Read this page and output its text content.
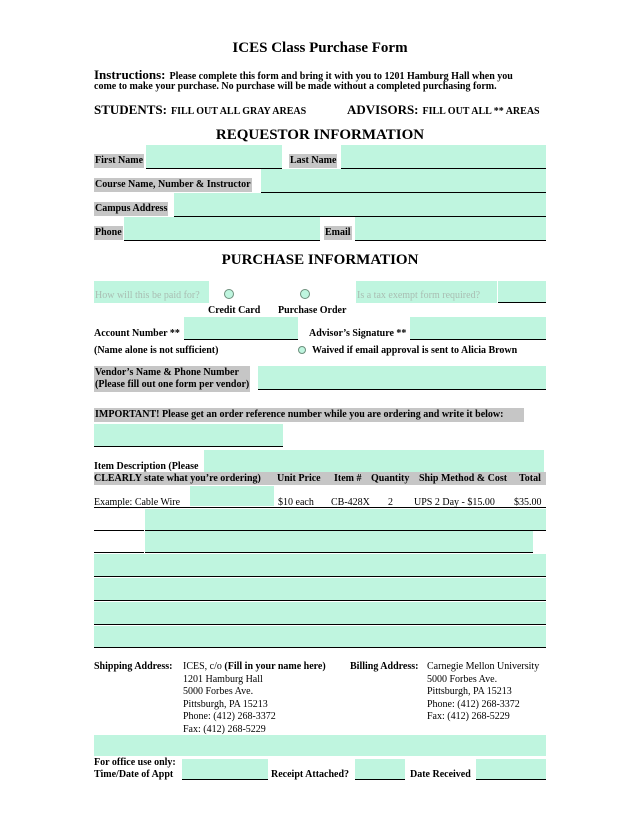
ICES Class Purchase Form
Instructions: Please complete this form and bring it with you to 1201 Hamburg Hall when you
come to make your purchase. No purchase will be made without a completed purchasing form.
STUDENTS: FILL OUT ALL GRAY AREAS	ADVISORS: FILL OUT ALL ** AREAS
REQUESTOR INFORMATION
First Name	Last Name
Course Name, Number & Instructor
Campus Address
Phone	Email
PURCHASE INFORMATION
How will this be paid for?
Credit Card Purchase Order
Is a tax exempt form required?
Account Number **	Advisor’s Signature **
(Name alone is not sufficient)	Waived if email approval is sent to Alicia Brown
Vendor’s Name & Phone Number
(Please fill out one form per vendor)
IMPORTANT! Please get an order reference number while you are ordering and write it below:
Item Description (Please
CLEARLY state what you’re ordering) Unit Price Item # Quantity Ship Method & Cost Total
Example: Cable Wire	$10 each CB-428X 2 UPS 2 Day - $15.00 $35.00
Shipping Address: ICES, c/o (Fill in your name here)
1201 Hamburg Hall
5000 Forbes Ave.
Pittsburgh, PA 15213
Phone: (412) 268-3372
Fax: (412) 268-5229
Billing Address: Carnegie Mellon University
5000 Forbes Ave.
Pittsburgh, PA 15213
Phone: (412) 268-3372
Fax: (412) 268-5229
For office use only:
Time/Date of Appt	Receipt Attached?	Date Received
